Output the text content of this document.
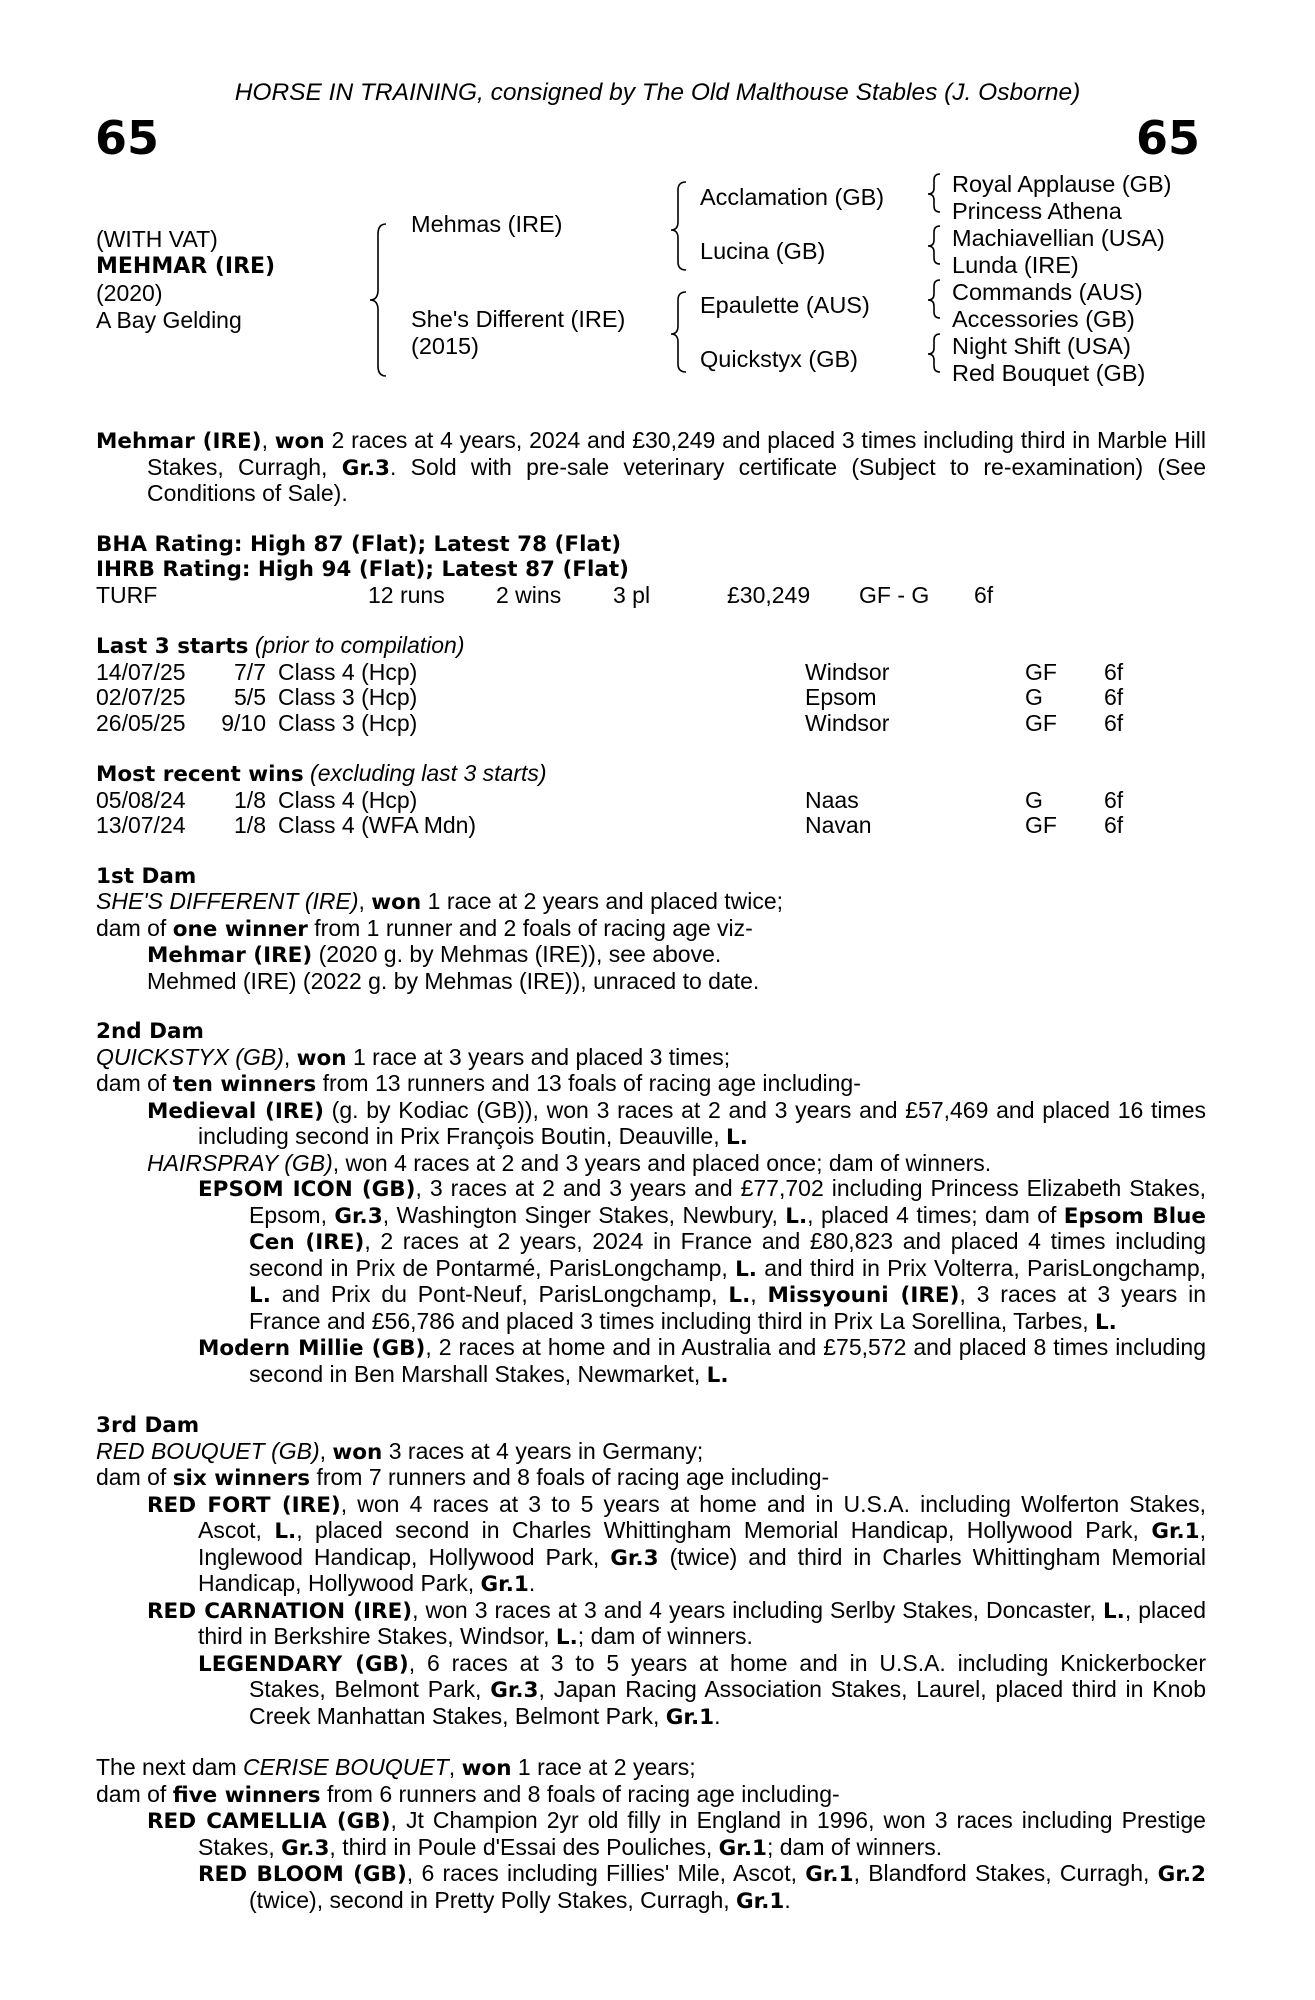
HORSE IN TRAINING, consigned by The Old Malthouse Stables (J. Osborne)
65	65
(WITH VAT)
MEHMAR (IRE)
(2020)
A Bay Gelding
Mehmas (IRE)
She's Different (IRE)
(2015)
Acclamation (GB)
Lucina (GB)
Epaulette (AUS)
Quickstyx (GB)
Royal Applause (GB)
Princess Athena
Machiavellian (USA)
Lunda (IRE)
Commands (AUS)
Accessories (GB)
Night Shift (USA)
Red Bouquet (GB)

Mehmar (IRE), won 2 races at 4 years, 2024 and £30,249 and placed 3 times including third in Marble Hill Stakes, Curragh, Gr.3. Sold with pre-sale veterinary certificate (Subject to re-examination) (See Conditions of Sale).

BHA Rating: High 87 (Flat); Latest 78 (Flat)

IHRB Rating: High 94 (Flat); Latest 87 (Flat)

TURF	12 runs	2 wins	3 pl	£30,249	GF - G	6f

Last 3 starts (prior to compilation)

14/07/25	7/7	Class 4 (Hcp)	Windsor	GF	6f
02/07/25	5/5	Class 3 (Hcp)	Epsom	G	6f
26/05/25	9/10	Class 3 (Hcp)	Windsor	GF	6f

Most recent wins (excluding last 3 starts)

05/08/24	1/8	Class 4 (Hcp)	Naas	G	6f
13/07/24	1/8	Class 4 (WFA Mdn)	Navan	GF	6f

1st Dam

SHE'S DIFFERENT (IRE), won 1 race at 2 years and placed twice;

dam of one winner from 1 runner and 2 foals of racing age viz-

Mehmar (IRE) (2020 g. by Mehmas (IRE)), see above.

Mehmed (IRE) (2022 g. by Mehmas (IRE)), unraced to date.

2nd Dam

QUICKSTYX (GB), won 1 race at 3 years and placed 3 times;

dam of ten winners from 13 runners and 13 foals of racing age including-

Medieval (IRE) (g. by Kodiac (GB)), won 3 races at 2 and 3 years and £57,469 and placed 16 times including second in Prix François Boutin, Deauville, L.

HAIRSPRAY (GB), won 4 races at 2 and 3 years and placed once; dam of winners.

EPSOM ICON (GB), 3 races at 2 and 3 years and £77,702 including Princess Elizabeth Stakes, Epsom, Gr.3, Washington Singer Stakes, Newbury, L., placed 4 times; dam of Epsom Blue Cen (IRE), 2 races at 2 years, 2024 in France and £80,823 and placed 4 times including second in Prix de Pontarmé, ParisLongchamp, L. and third in Prix Volterra, ParisLongchamp, L. and Prix du Pont-Neuf, ParisLongchamp, L., Missyouni (IRE), 3 races at 3 years in France and £56,786 and placed 3 times including third in Prix La Sorellina, Tarbes, L.

Modern Millie (GB), 2 races at home and in Australia and £75,572 and placed 8 times including second in Ben Marshall Stakes, Newmarket, L.

3rd Dam

RED BOUQUET (GB), won 3 races at 4 years in Germany;

dam of six winners from 7 runners and 8 foals of racing age including-

RED FORT (IRE), won 4 races at 3 to 5 years at home and in U.S.A. including Wolferton Stakes, Ascot, L., placed second in Charles Whittingham Memorial Handicap, Hollywood Park, Gr.1, Inglewood Handicap, Hollywood Park, Gr.3 (twice) and third in Charles Whittingham Memorial Handicap, Hollywood Park, Gr.1.

RED CARNATION (IRE), won 3 races at 3 and 4 years including Serlby Stakes, Doncaster, L., placed third in Berkshire Stakes, Windsor, L.; dam of winners.

LEGENDARY (GB), 6 races at 3 to 5 years at home and in U.S.A. including Knickerbocker Stakes, Belmont Park, Gr.3, Japan Racing Association Stakes, Laurel, placed third in Knob Creek Manhattan Stakes, Belmont Park, Gr.1.

The next dam CERISE BOUQUET, won 1 race at 2 years;

dam of five winners from 6 runners and 8 foals of racing age including-

RED CAMELLIA (GB), Jt Champion 2yr old filly in England in 1996, won 3 races including Prestige Stakes, Gr.3, third in Poule d'Essai des Pouliches, Gr.1; dam of winners.

RED BLOOM (GB), 6 races including Fillies' Mile, Ascot, Gr.1, Blandford Stakes, Curragh, Gr.2 (twice), second in Pretty Polly Stakes, Curragh, Gr.1.
